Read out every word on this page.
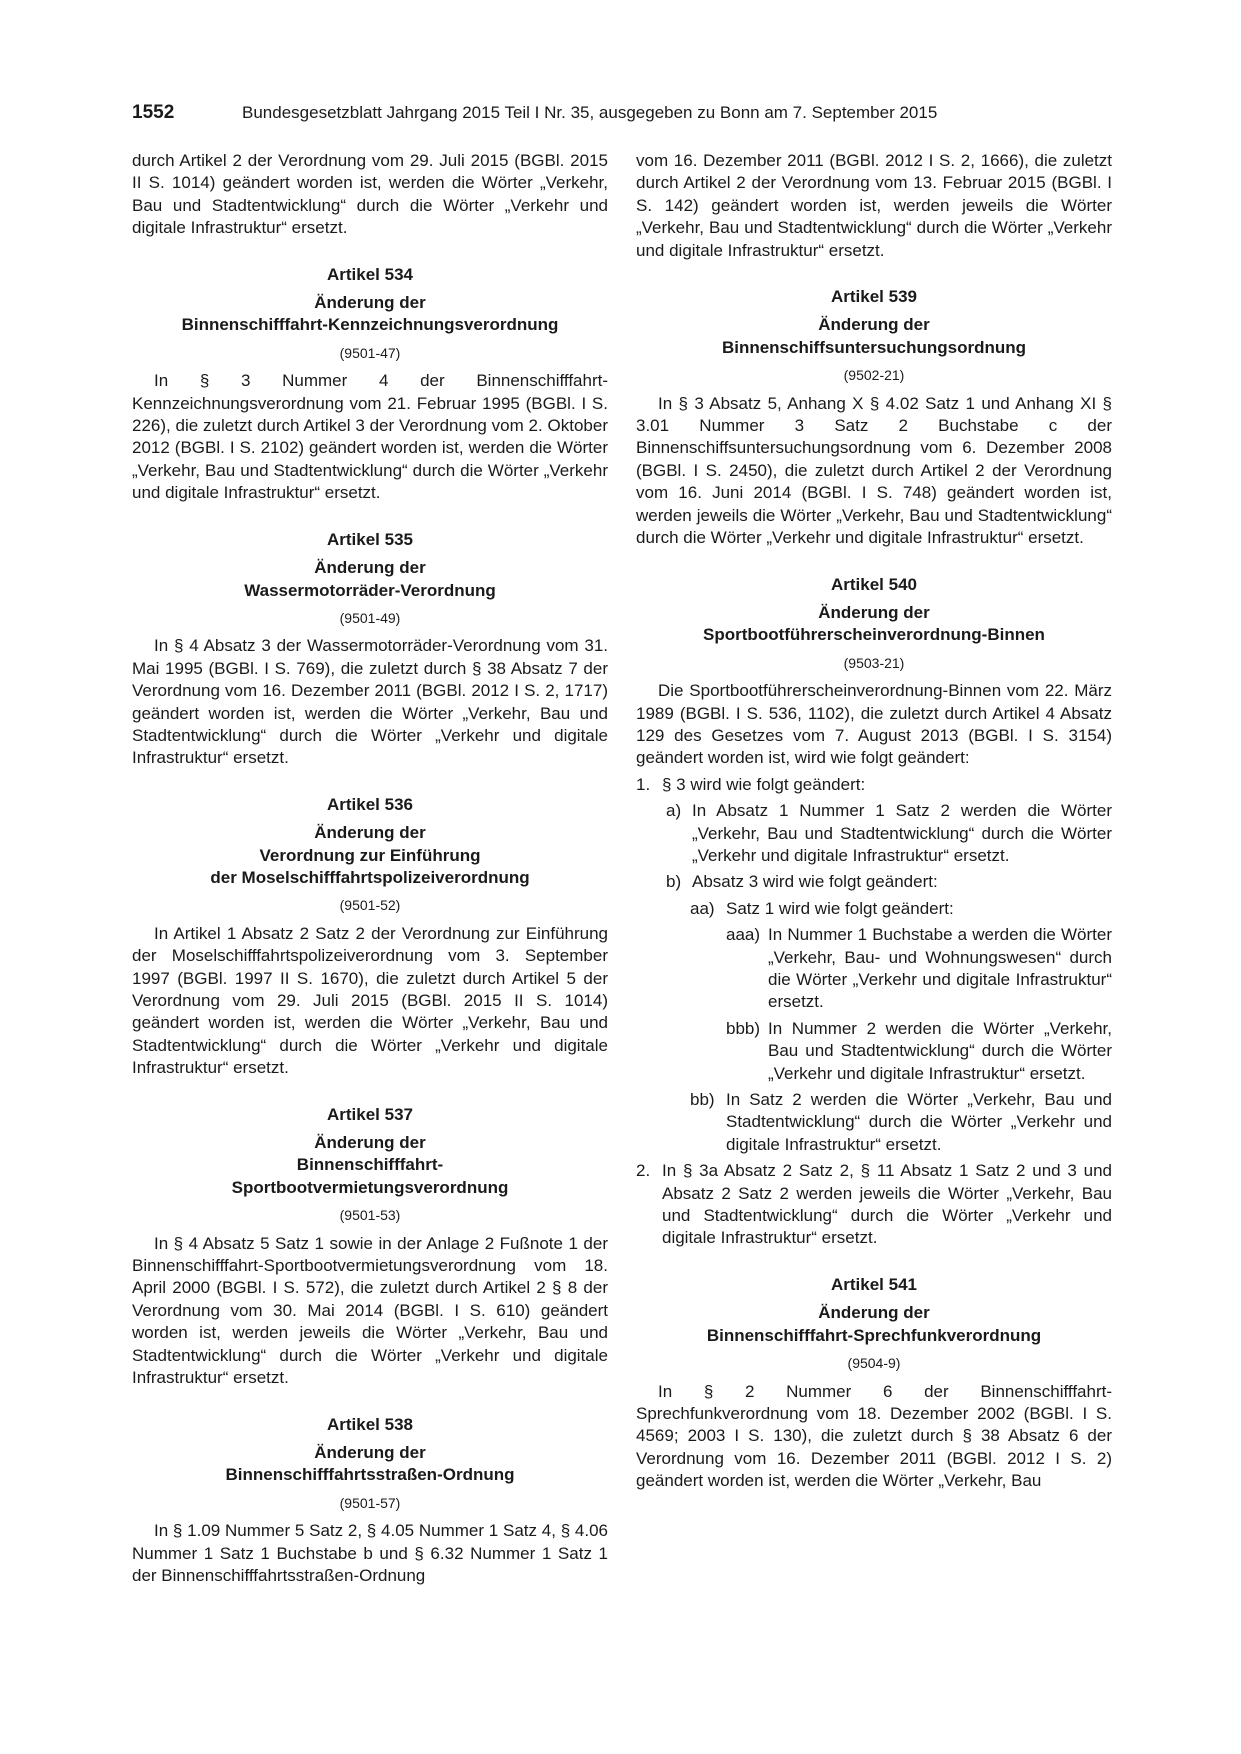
1552	Bundesgesetzblatt Jahrgang 2015 Teil I Nr. 35, ausgegeben zu Bonn am 7. September 2015

durch Artikel 2 der Verordnung vom 29. Juli 2015 (BGBl. 2015 II S. 1014) geändert worden ist, werden die Wörter „Verkehr, Bau und Stadtentwicklung“ durch die Wörter „Verkehr und digitale Infrastruktur“ ersetzt.

Artikel 534

Änderung der

Binnenschifffahrt-Kennzeichnungsverordnung

(9501-47)

In § 3 Nummer 4 der Binnenschifffahrt-Kennzeichnungsverordnung vom 21. Februar 1995 (BGBl. I S. 226), die zuletzt durch Artikel 3 der Verordnung vom 2. Oktober 2012 (BGBl. I S. 2102) geändert worden ist, werden die Wörter „Verkehr, Bau und Stadtentwicklung“ durch die Wörter „Verkehr und digitale Infrastruktur“ ersetzt.

Artikel 535

Änderung der

Wassermotorräder-Verordnung

(9501-49)

In § 4 Absatz 3 der Wassermotorräder-Verordnung vom 31. Mai 1995 (BGBl. I S. 769), die zuletzt durch § 38 Absatz 7 der Verordnung vom 16. Dezember 2011 (BGBl. 2012 I S. 2, 1717) geändert worden ist, werden die Wörter „Verkehr, Bau und Stadtentwicklung“ durch die Wörter „Verkehr und digitale Infrastruktur“ ersetzt.

Artikel 536

Änderung der

Verordnung zur Einführung

der Moselschifffahrtspolizeiverordnung

(9501-52)

In Artikel 1 Absatz 2 Satz 2 der Verordnung zur Einführung der Moselschifffahrtspolizeiverordnung vom 3. September 1997 (BGBl. 1997 II S. 1670), die zuletzt durch Artikel 5 der Verordnung vom 29. Juli 2015 (BGBl. 2015 II S. 1014) geändert worden ist, werden die Wörter „Verkehr, Bau und Stadtentwicklung“ durch die Wörter „Verkehr und digitale Infrastruktur“ ersetzt.

Artikel 537

Änderung der

Binnenschifffahrt-

Sportbootvermietungsverordnung

(9501-53)

In § 4 Absatz 5 Satz 1 sowie in der Anlage 2 Fußnote 1 der Binnenschifffahrt-Sportbootvermietungsverordnung vom 18. April 2000 (BGBl. I S. 572), die zuletzt durch Artikel 2 § 8 der Verordnung vom 30. Mai 2014 (BGBl. I S. 610) geändert worden ist, werden jeweils die Wörter „Verkehr, Bau und Stadtentwicklung“ durch die Wörter „Verkehr und digitale Infrastruktur“ ersetzt.

Artikel 538

Änderung der

Binnenschifffahrtsstraßen-Ordnung

(9501-57)

In § 1.09 Nummer 5 Satz 2, § 4.05 Nummer 1 Satz 4, § 4.06 Nummer 1 Satz 1 Buchstabe b und § 6.32 Nummer 1 Satz 1 der Binnenschifffahrtsstraßen-Ordnung

vom 16. Dezember 2011 (BGBl. 2012 I S. 2, 1666), die zuletzt durch Artikel 2 der Verordnung vom 13. Februar 2015 (BGBl. I S. 142) geändert worden ist, werden jeweils die Wörter „Verkehr, Bau und Stadtentwicklung“ durch die Wörter „Verkehr und digitale Infrastruktur“ ersetzt.

Artikel 539

Änderung der

Binnenschiffsuntersuchungsordnung

(9502-21)

In § 3 Absatz 5, Anhang X § 4.02 Satz 1 und Anhang XI § 3.01 Nummer 3 Satz 2 Buchstabe c der Binnenschiffsuntersuchungsordnung vom 6. Dezember 2008 (BGBl. I S. 2450), die zuletzt durch Artikel 2 der Verordnung vom 16. Juni 2014 (BGBl. I S. 748) geändert worden ist, werden jeweils die Wörter „Verkehr, Bau und Stadtentwicklung“ durch die Wörter „Verkehr und digitale Infrastruktur“ ersetzt.

Artikel 540

Änderung der

Sportbootführerscheinverordnung-Binnen

(9503-21)

Die Sportbootführerscheinverordnung-Binnen vom 22. März 1989 (BGBl. I S. 536, 1102), die zuletzt durch Artikel 4 Absatz 129 des Gesetzes vom 7. August 2013 (BGBl. I S. 3154) geändert worden ist, wird wie folgt geändert:

1. § 3 wird wie folgt geändert:
a) In Absatz 1 Nummer 1 Satz 2 werden die Wörter „Verkehr, Bau und Stadtentwicklung“ durch die Wörter „Verkehr und digitale Infrastruktur“ ersetzt.
b) Absatz 3 wird wie folgt geändert:
aa) Satz 1 wird wie folgt geändert:
aaa) In Nummer 1 Buchstabe a werden die Wörter „Verkehr, Bau- und Wohnungswesen“ durch die Wörter „Verkehr und digitale Infrastruktur“ ersetzt.
bbb) In Nummer 2 werden die Wörter „Verkehr, Bau und Stadtentwicklung“ durch die Wörter „Verkehr und digitale Infrastruktur“ ersetzt.
bb) In Satz 2 werden die Wörter „Verkehr, Bau und Stadtentwicklung“ durch die Wörter „Verkehr und digitale Infrastruktur“ ersetzt.
2. In § 3a Absatz 2 Satz 2, § 11 Absatz 1 Satz 2 und 3 und Absatz 2 Satz 2 werden jeweils die Wörter „Verkehr, Bau und Stadtentwicklung“ durch die Wörter „Verkehr und digitale Infrastruktur“ ersetzt.

Artikel 541

Änderung der

Binnenschifffahrt-Sprechfunkverordnung

(9504-9)

In § 2 Nummer 6 der Binnenschifffahrt-Sprechfunkverordnung vom 18. Dezember 2002 (BGBl. I S. 4569; 2003 I S. 130), die zuletzt durch § 38 Absatz 6 der Verordnung vom 16. Dezember 2011 (BGBl. 2012 I S. 2) geändert worden ist, werden die Wörter „Verkehr, Bau
